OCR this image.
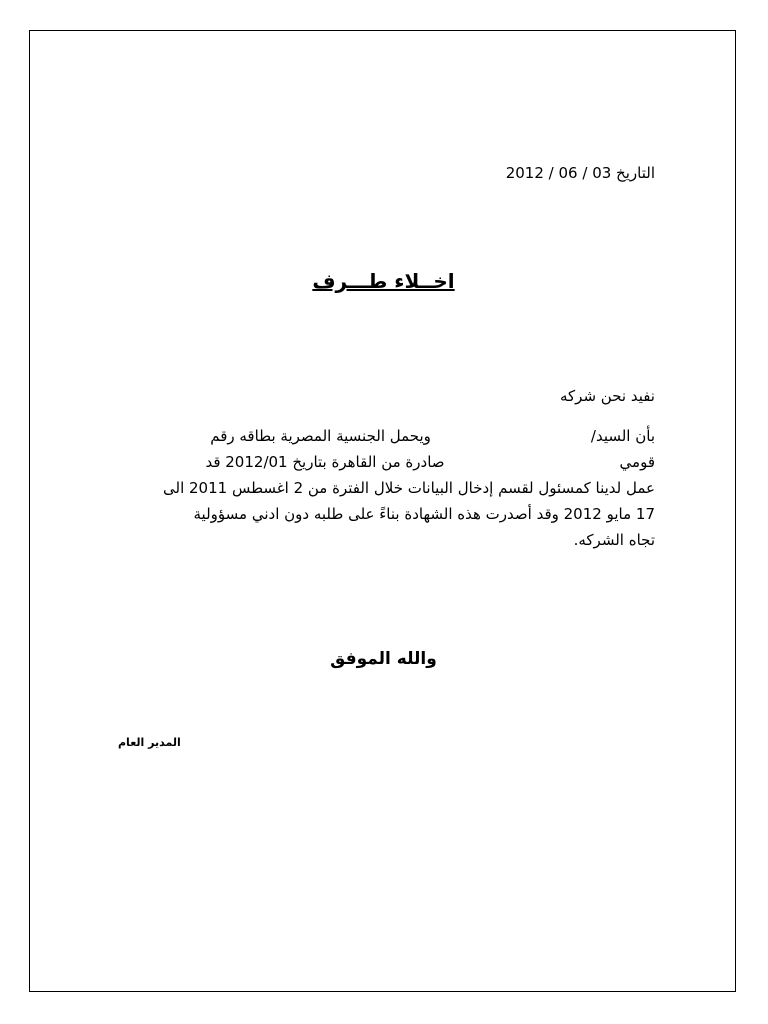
التاريخ 03 / 06 / 2012
اخــلاء طـــرف
نفيد نحن شركه
بأن السيد/ويحمل الجنسية المصرية بطاقه رقم
قوميصادرة من القاهرة بتاريخ 2012/01 قد
عمل لدينا كمسئول لقسم إدخال البيانات خلال الفترة من 2 اغسطس 2011 الى
17 مايو 2012 وقد أصدرت هذه الشهادة بناءً على طلبه دون ادني مسؤولية
تجاه الشركه.
والله الموفق
المدير العام
